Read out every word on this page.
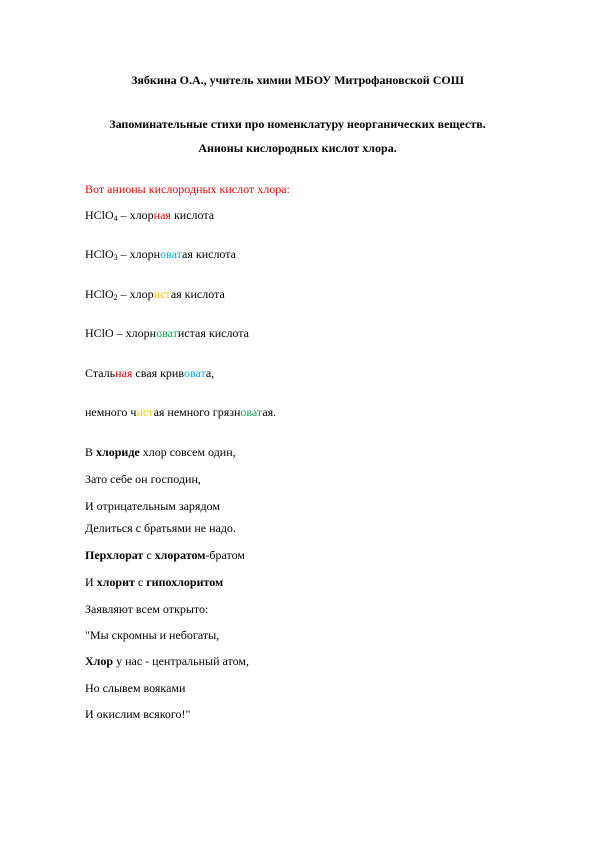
Зябкина О.А., учитель химии МБОУ Митрофановской СОШ
Запоминательные стихи про номенклатуру неорганических веществ.
Анионы кислородных кислот хлора.
Вот анионы кислородных кислот хлора:
HClO$_4$ – хлорная кислота
HClO$_3$ – хлорноватая кислота
HClO$_2$ – хлористая кислота
HClO – хлорноватистая кислота
Стальная свая кривовата,
немного чистая немного грязноватая.
В хлориде хлор совсем один,
Зато себе он господин,
И отрицательным зарядом
Делиться с братьями не надо.
Перхлорат с хлоратом-братом
И хлорит с гипохлоритом
Заявляют всем открыто:
"Мы скромны и небогаты,
Хлор у нас - центральный атом,
Но слывем вояками
И окислим всякого!"
